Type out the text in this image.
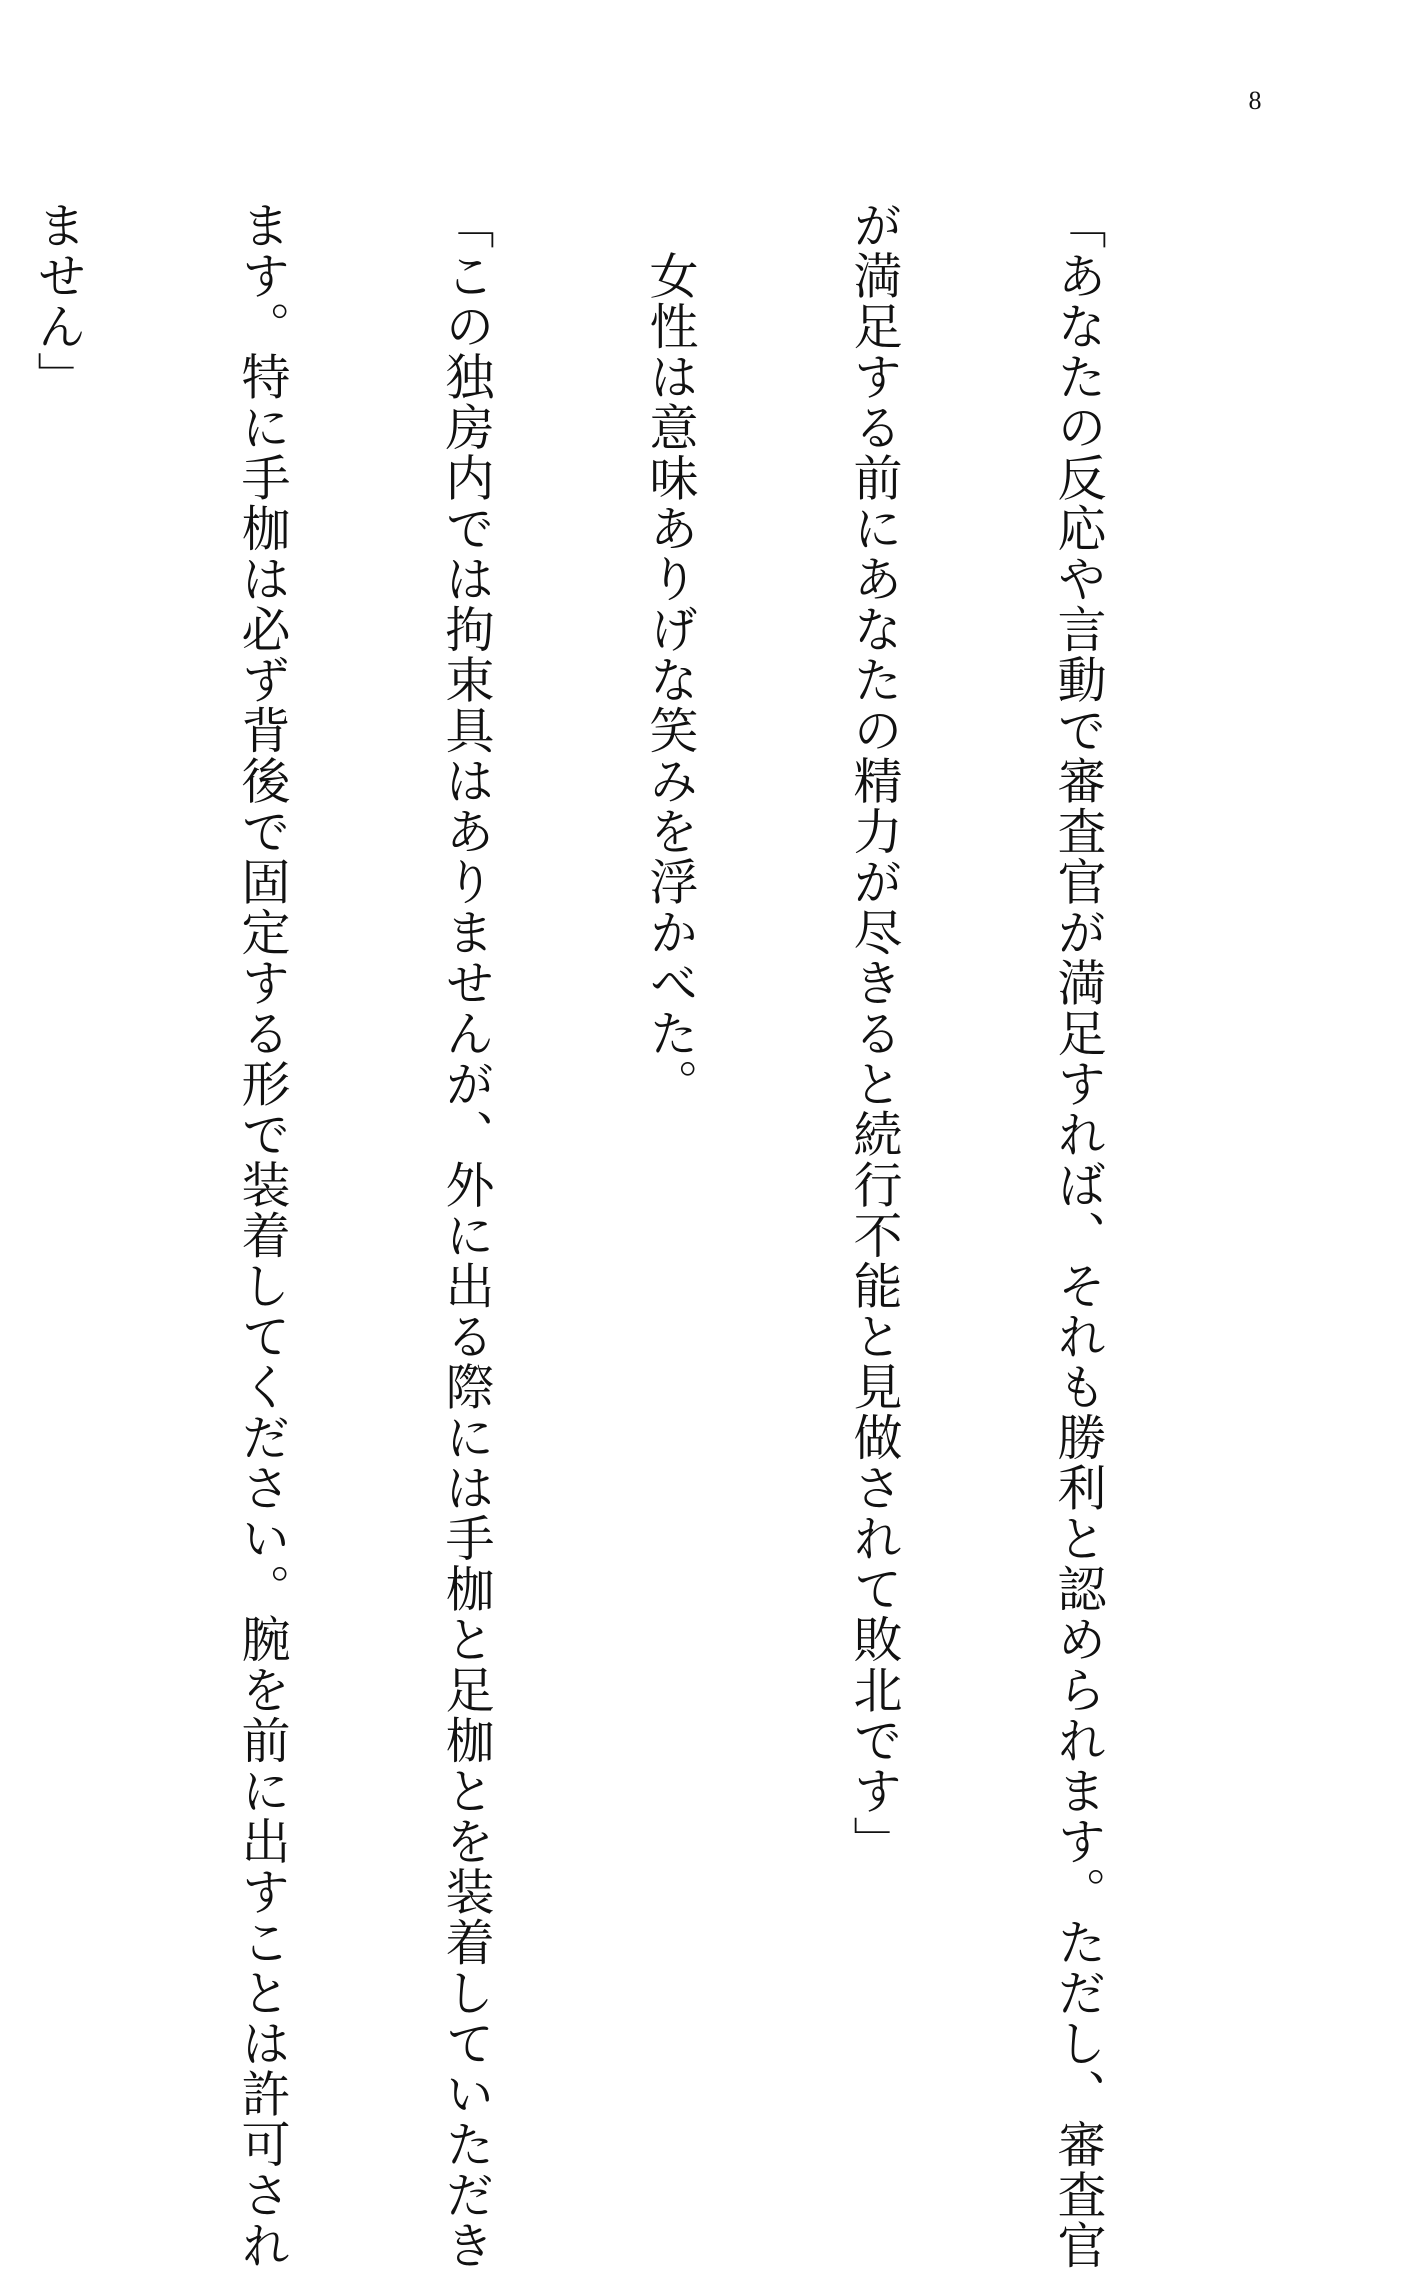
8

「あなたの反応や言動で審査官が満足すれば、それも勝利と認められます。ただし、審査官

が満足する前にあなたの精力が尽きると続行不能と見做されて敗北です」

　女性は意味ありげな笑みを浮かべた。

「この独房内では拘束具はありませんが、外に出る際には手枷と足枷とを装着していただき

ます。特に手枷は必ず背後で固定する形で装着してください。腕を前に出すことは許可され

ません」
